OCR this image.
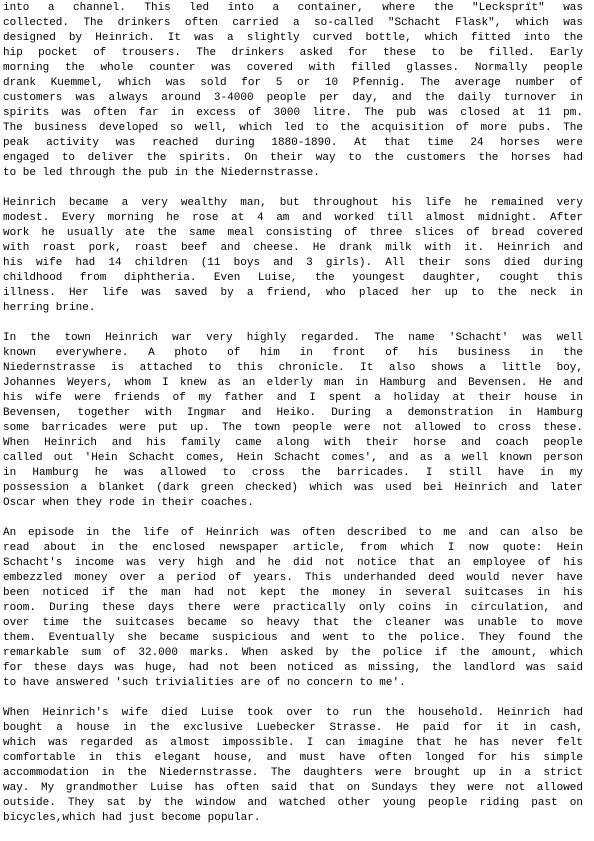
into a channel. This led into a container, where the "Lecksprït" was
collected. The drinkers often carried a so-called "Schacht Flask", which was
designed by Heinrich. It was a slightly curved bottle, which fitted into the
hip pocket of trousers. The drinkers asked for these to be filled. Early
morning the whole counter was covered with filled glasses. Normally people
drank Kuemmel, which was sold for 5 or 10 Pfennig. The average number of
customers was always around 3-4000 people per day, and the daily turnover in
spirits was often far in excess of 3000 litre. The pub was closed at 11 pm.
The business developed so well, which led to the acquisition of more pubs. The
peak activity was reached during 1880-1890. At that time 24 horses were
engaged to deliver the spirits. On their way to the customers the horses had
to be led through the pub in the Niedernstrasse.
Heinrich became a very wealthy man, but throughout his life he remained very
modest. Every morning he rose at 4 am and worked till almost midnight. After
work he usually ate the same meal consisting of three slices of bread covered
with roast pork, roast beef and cheese. He drank milk with it. Heinrich and
his wife had 14 children (11 boys and 3 girls). All their sons died during
childhood from diphtheria. Even Luise, the youngest daughter, cought this
illness. Her life was saved by a friend, who placed her up to the neck in
herring brine.
In the town Heinrich war very highly regarded. The name 'Schacht' was well
known everywhere. A photo of him in front of his business in the
Niedernstrasse is attached to this chronicle. It also shows a little boy,
Johannes Weyers, whom I knew as an elderly man in Hamburg and Bevensen. He and
his wife were friends of my father and I spent a holiday at their house in
Bevensen, together with Ingmar and Heiko. During a demonstration in Hamburg
some barricades were put up. The town people were not allowed to cross these.
When Heinrich and his family came along with their horse and coach people
called out 'Hein Schacht comes, Hein Schacht comes', and as a well known person
in Hamburg he was allowed to cross the barricades. I still have in my
possession a blanket (dark green checked) which was used bei Heinrich and later
Oscar when they rode in their coaches.
An episode in the life of Heinrich was often described to me and can also be
read about in the enclosed newspaper article, from which I now quote: Hein
Schacht's income was very high and he did not notice that an employee of his
embezzled money over a period of years. This underhanded deed would never have
been noticed if the man had not kept the money in several suitcases in his
room. During these days there were practically only coins in circulation, and
over time the suitcases became so heavy that the cleaner was unable to move
them. Eventually she became suspicious and went to the police. They found the
remarkable sum of 32.000 marks. When asked by the police if the amount, which
for these days was huge, had not been noticed as missing, the landlord was said
to have answered 'such trivialities are of no concern to me'.
When Heinrich's wife died Luise took over to run the household. Heinrich had
bought a house in the exclusive Luebecker Strasse. He paid for it in cash,
which was regarded as almost impossible. I can imagine that he has never felt
comfortable in this elegant house, and must have often longed for his simple
accommodation in the Niedernstrasse. The daughters were brought up in a strict
way. My grandmother Luise has often said that on Sundays they were not allowed
outside. They sat by the window and watched other young people riding past on
bicycles,which had just become popular.
